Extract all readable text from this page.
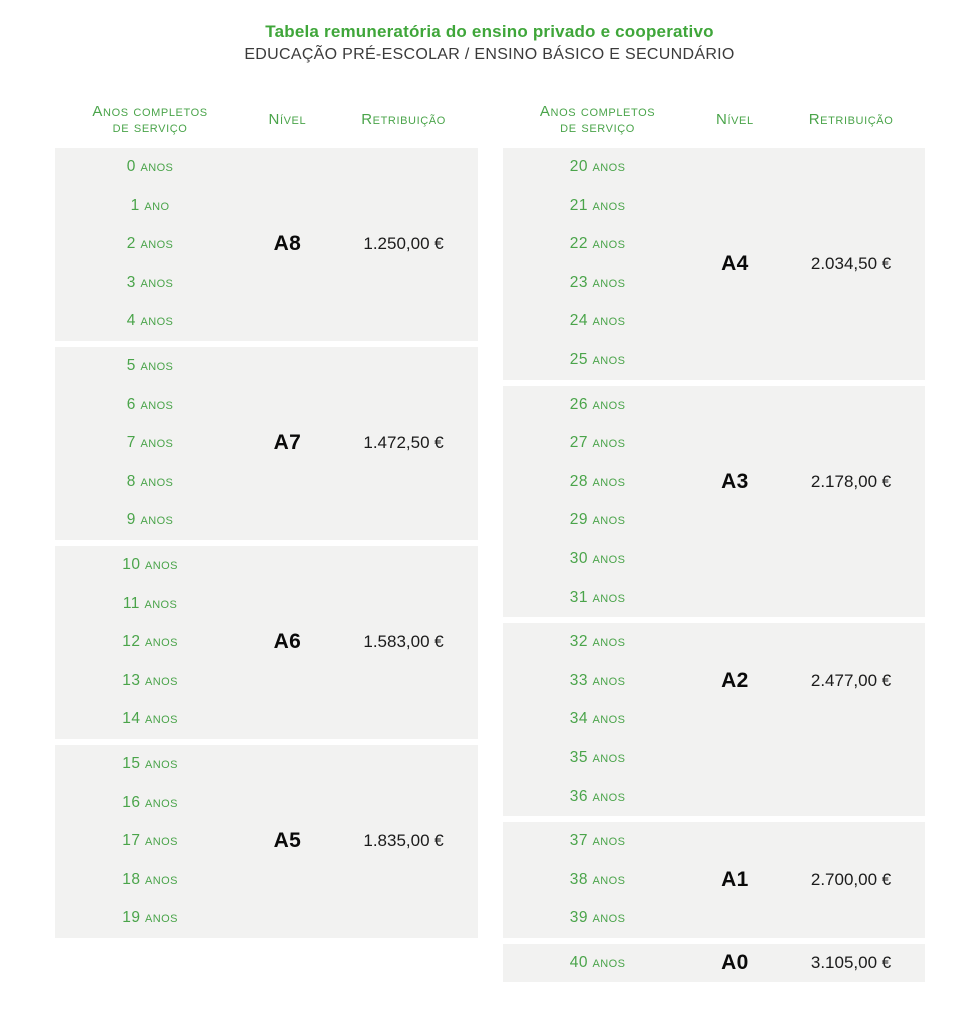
Tabela remuneratória do ensino privado e cooperativo
EDUCAÇÃO PRÉ-ESCOLAR / ENSINO BÁSICO E SECUNDÁRIO
Anos completos
de serviço	Nível	Retribuição
0 anos
1 ano
2 anos
3 anos
4 anos
A8	1.250,00 €
5 anos
6 anos
7 anos
8 anos
9 anos
A7	1.472,50 €
10 anos
11 anos
12 anos
13 anos
14 anos
A6	1.583,00 €
15 anos
16 anos
17 anos
18 anos
19 anos
A5	1.835,00 €
Anos completos
de serviço	Nível	Retribuição
20 anos
21 anos
22 anos
23 anos
24 anos
25 anos
A4	2.034,50 €
26 anos
27 anos
28 anos
29 anos
30 anos
31 anos
A3	2.178,00 €
32 anos
33 anos
34 anos
35 anos
36 anos
A2	2.477,00 €
37 anos
38 anos
39 anos
A1	2.700,00 €
40 anos	A0	3.105,00 €
